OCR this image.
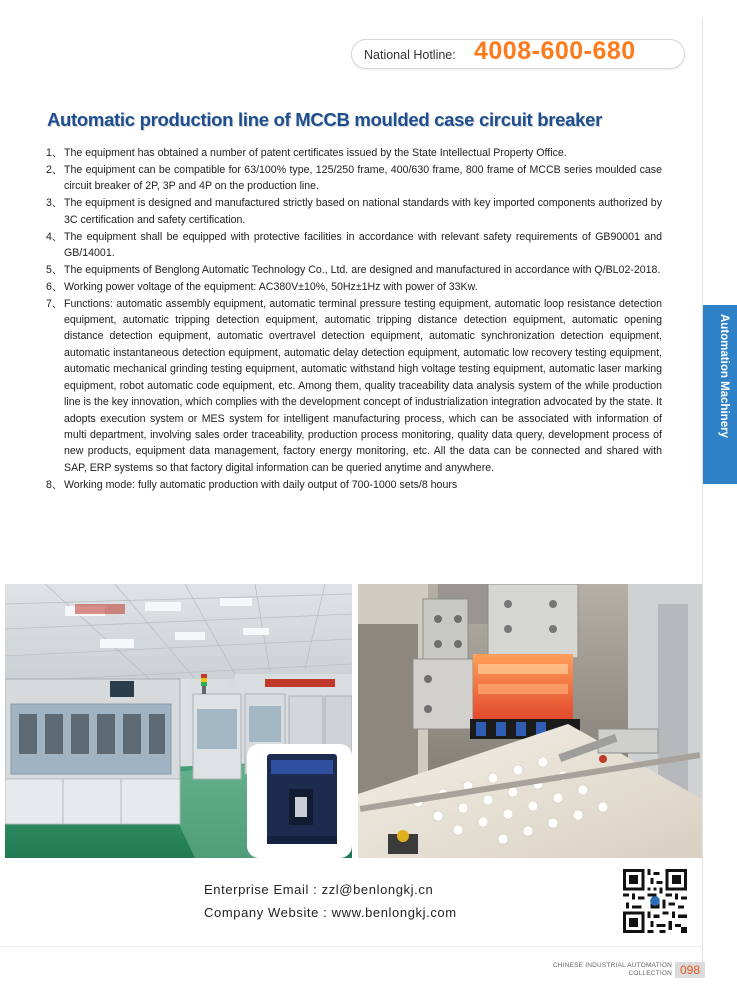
National Hotline: 4008-600-680
Automatic production line of MCCB moulded case circuit breaker
1、 The equipment has obtained a number of patent certificates issued by the State Intellectual Property Office.
2、 The equipment can be compatible for 63/100% type, 125/250 frame, 400/630 frame, 800 frame of MCCB series moulded case circuit breaker of 2P, 3P and 4P on the production line.
3、 The equipment is designed and manufactured strictly based on national standards with key imported components authorized by 3C certification and safety certification.
4、 The equipment shall be equipped with protective facilities in accordance with relevant safety requirements of GB90001 and GB/14001.
5、 The equipments of Benglong Automatic Technology Co., Ltd. are designed and manufactured in accordance with Q/BL02-2018.
6、 Working power voltage of the equipment: AC380V±10%, 50Hz±1Hz with power of 33Kw.
7、 Functions: automatic assembly equipment, automatic terminal pressure testing equipment, automatic loop resistance detection equipment, automatic tripping detection equipment, automatic tripping distance detection equipment, automatic opening distance detection equipment, automatic overtravel detection equipment, automatic synchronization detection equipment, automatic instantaneous detection equipment, automatic delay detection equipment, automatic low recovery testing equipment, automatic mechanical grinding testing equipment, automatic withstand high voltage testing equipment, automatic laser marking equipment, robot automatic code equipment, etc. Among them, quality traceability data analysis system of the while production line is the key innovation, which complies with the development concept of industrialization integration advocated by the state. It adopts execution system or MES system for intelligent manufacturing process, which can be associated with information of multi department, involving sales order traceability, production process monitoring, quality data query, development process of new products, equipment data management, factory energy monitoring, etc. All the data can be connected and shared with SAP, ERP systems so that factory digital information can be queried anytime and anywhere.
8、 Working mode: fully automatic production with daily output of 700-1000 sets/8 hours
Automation Machinery
Enterprise Email : zzl@benlongkj.cn
Company Website : www.benlongkj.com
CHINESE INDUSTRIAL AUTOMATION
COLLECTION 098
